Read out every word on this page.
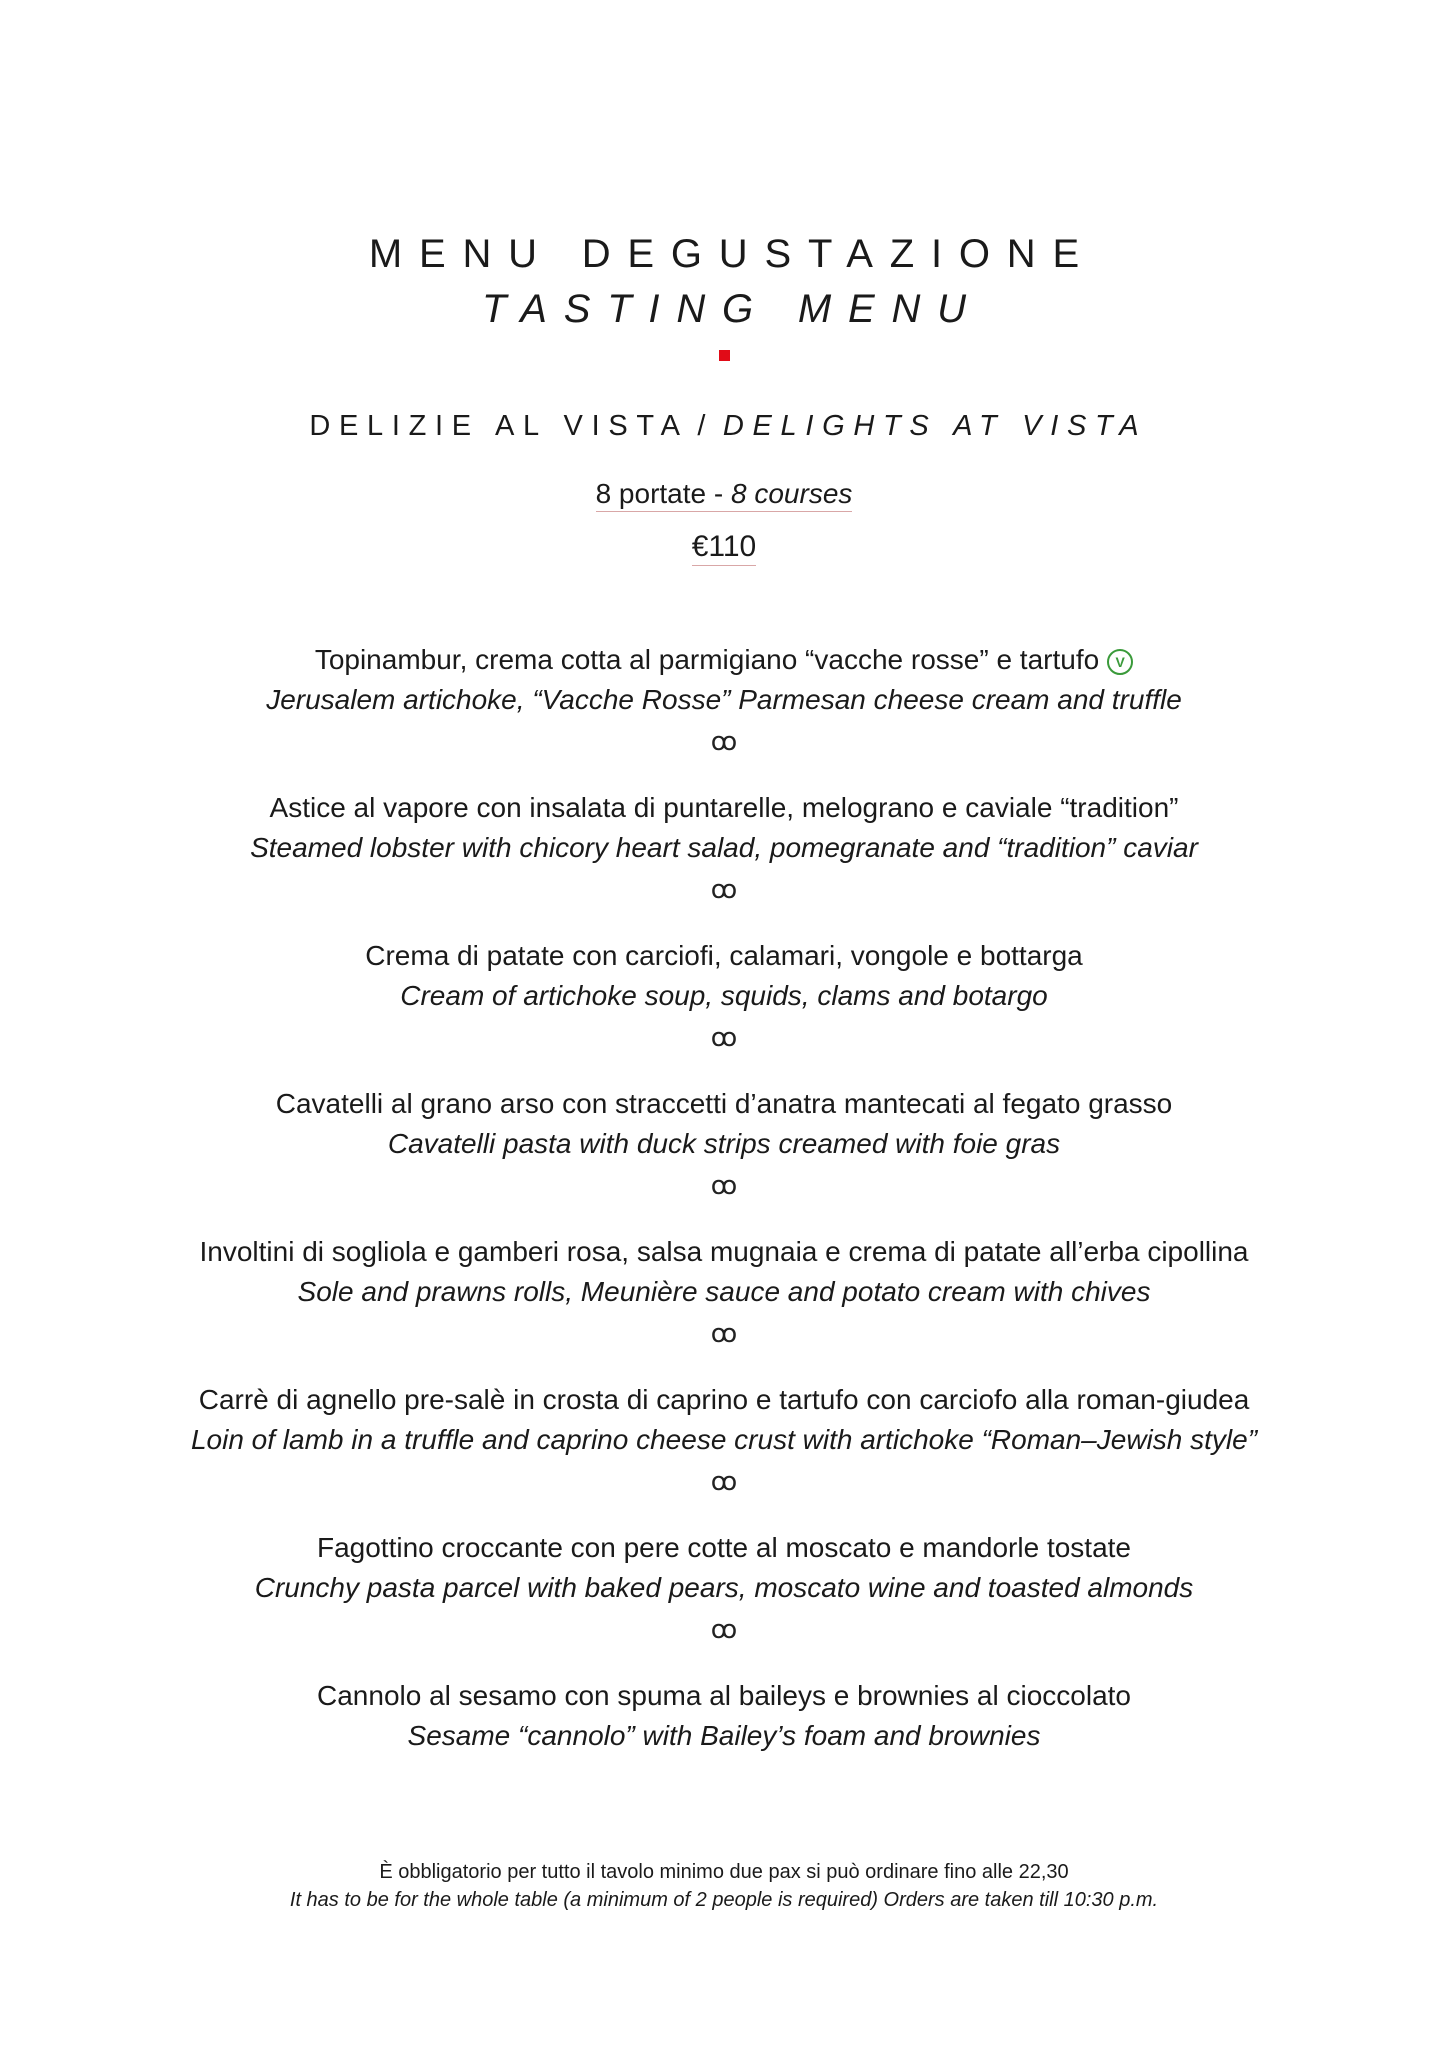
MENU DEGUSTAZIONE
TASTING MENU
DELIZIE AL VISTA / DELIGHTS AT VISTA
8 portate - 8 courses
€110
Topinambur, crema cotta al parmigiano “vacche rosse” e tartufo V
Jerusalem artichoke, “Vacche Rosse” Parmesan cheese cream and truffle
ꝏ
Astice al vapore con insalata di puntarelle, melograno e caviale “tradition”
Steamed lobster with chicory heart salad, pomegranate and “tradition” caviar
ꝏ
Crema di patate con carciofi, calamari, vongole e bottarga
Cream of artichoke soup, squids, clams and botargo
ꝏ
Cavatelli al grano arso con straccetti d’anatra mantecati al fegato grasso
Cavatelli pasta with duck strips creamed with foie gras
ꝏ
Involtini di sogliola e gamberi rosa, salsa mugnaia e crema di patate all’erba cipollina
Sole and prawns rolls, Meunière sauce and potato cream with chives
ꝏ
Carrè di agnello pre-salè in crosta di caprino e tartufo con carciofo alla roman-giudea
Loin of lamb in a truffle and caprino cheese crust with artichoke “Roman–Jewish style”
ꝏ
Fagottino croccante con pere cotte al moscato e mandorle tostate
Crunchy pasta parcel with baked pears, moscato wine and toasted almonds
ꝏ
Cannolo al sesamo con spuma al baileys e brownies al cioccolato
Sesame “cannolo” with Bailey’s foam and brownies
È obbligatorio per tutto il tavolo minimo due pax si può ordinare fino alle 22,30
It has to be for the whole table (a minimum of 2 people is required) Orders are taken till 10:30 p.m.
